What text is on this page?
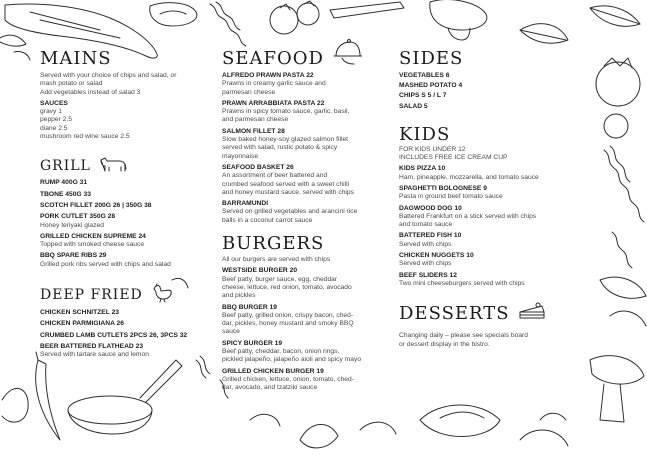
MAINS
Served with your choice of chips and salad, or
mash potato or salad
Add vegetables instead of salad 3
SAUCES
gravy 1
pepper 2.5
diane 2.5
mushroom red wine sauce 2.5
GRILL
RUMP 400G 31
TBONE 450G 33
SCOTCH FILLET 200G 26 | 350G 38
PORK CUTLET 350G 28
Honey teriyaki glazed
GRILLED CHICKEN SUPREME 24
Topped with smoked cheese sauce
BBQ SPARE RIBS 29
Grilled pork ribs served with chips and salad
DEEP FRIED
CHICKEN SCHNITZEL 23
CHICKEN PARMIGIANA 26
CRUMBED LAMB CUTLETS 2PCS 26, 3PCS 32
BEER BATTERED FLATHEAD 23
Served with tartare sauce and lemon
SEAFOOD
ALFREDO PRAWN PASTA 22
Prawns in creamy garlic sauce and
parmesan cheese
PRAWN ARRABBIATA PASTA 22
Prawns in spicy tomato sauce, garlic, basil,
and parmesan cheese
SALMON FILLET 28
Slow baked honey-soy glazed salmon fillet
served with salad, rustic potato & spicy
mayonnaise
SEAFOOD BASKET 26
An assortment of beer battered and
crumbed seafood served with a sweet chilli
and honey mustard sauce, served with chips
BARRAMUNDI
Served on grilled vegetables and arancini rice
balls in a coconut carrot sauce
BURGERS
All our burgers are served with chips
WESTSIDE BURGER 20
Beef patty, burger sauce, egg, cheddar
cheese, lettuce, red onion, tomato, avocado
and pickles
BBQ BURGER 19
Beef patty, grilled onion, crispy bacon, ched-
dar, pickles, honey mustard and smoky BBQ
sauce
SPICY BURGER 19
Beef patty, cheddar, bacon, onion rings,
pickled jalapeño, jalapeño aioli and spicy mayo
GRILLED CHICKEN BURGER 19
Grilled chicken, lettuce, onion, tomato, ched-
dar, avocado, and tzatziki sauce
SIDES
VEGETABLES 6
MASHED POTATO 4
CHIPS S 5 / L 7
SALAD 5
KIDS
FOR KIDS UNDER 12
INCLUDES FREE ICE CREAM CUP
KIDS PIZZA 10
Ham, pineapple, mozzarella, and tomato sauce
SPAGHETTI BOLOGNESE 9
Pasta in ground beef tomato sauce
DAGWOOD DOG 10
Battered Frankfurt on a stick served with chips
and tomato sauce
BATTERED FISH 10
Served with chips
CHICKEN NUGGETS 10
Served with chips
BEEF SLIDERS 12
Two mini cheeseburgers served with chips
DESSERTS
Changing daily – please see specials board
or dessert display in the bistro.
